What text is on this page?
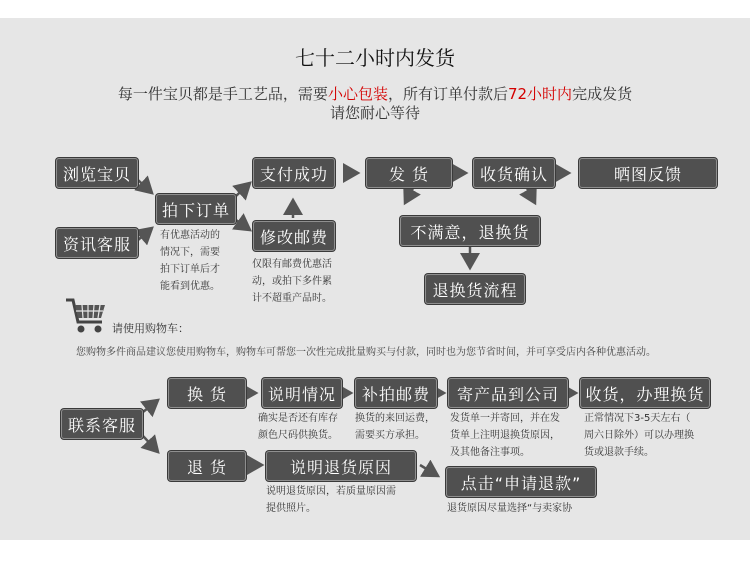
七十二小时内发货
每一件宝贝都是手工艺品，需要小心包装，所有订单付款后72小时内完成发货
请您耐心等待
浏览宝贝
资讯客服
拍下订单
有优惠活动的
情况下，需要
拍下订单后才
能看到优惠。
支付成功
修改邮费
仅限有邮费优惠活
动，或拍下多件累
计不超重产品时。
发 货	收货确认	晒图反馈
不满意，退换货
退换货流程
请使用购物车：
您购物多件商品建议您使用购物车，购物车可帮您一次性完成批量购买与付款，同时也为您节省时间，并可享受店内各种优惠活动。
联系客服
换 货	说明情况
确实是否还有库存
颜色尺码供换货。
补拍邮费
换货的来回运费，
需要买方承担。
寄产品到公司
发货单一并寄回，并在发
货单上注明退换货原因，
及其他备注事项。
收货，办理换货
正常情况下3-5天左右（
周六日除外）可以办理换
货或退款手续。
退 货	说明退货原因
说明退货原因，若质量原因需
提供照片。
点击“申请退款”
退货原因尽量选择“与卖家协
